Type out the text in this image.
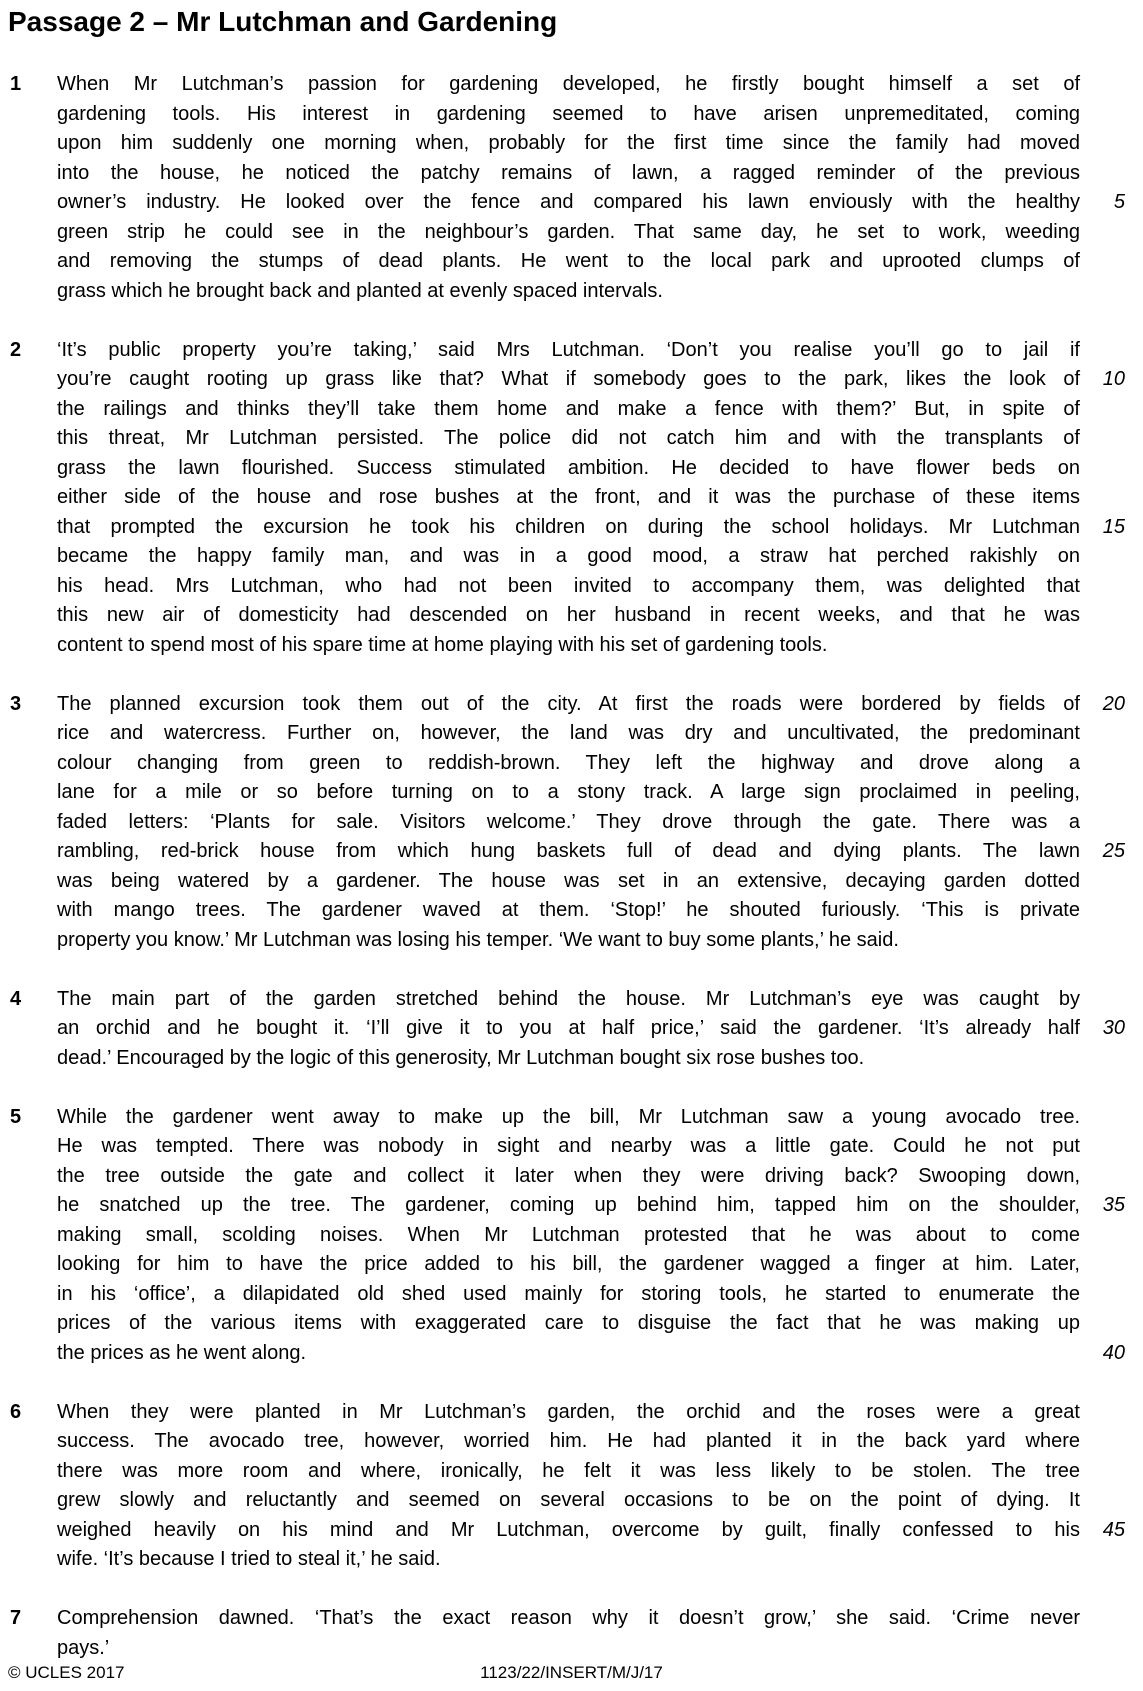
Passage 2 – Mr Lutchman and Gardening
1	When Mr Lutchman’s passion for gardening developed, he firstly bought himself a set of
gardening tools. His interest in gardening seemed to have arisen unpremeditated, coming
upon him suddenly one morning when, probably for the first time since the family had moved
into the house, he noticed the patchy remains of lawn, a ragged reminder of the previous
owner’s industry. He looked over the fence and compared his lawn enviously with the healthy 5
green strip he could see in the neighbour’s garden. That same day, he set to work, weeding
and removing the stumps of dead plants. He went to the local park and uprooted clumps of
grass which he brought back and planted at evenly spaced intervals.
2	‘It’s public property you’re taking,’ said Mrs Lutchman. ‘Don’t you realise you’ll go to jail if
you’re caught rooting up grass like that? What if somebody goes to the park, likes the look of 10
the railings and thinks they’ll take them home and make a fence with them?’ But, in spite of
this threat, Mr Lutchman persisted. The police did not catch him and with the transplants of
grass the lawn flourished. Success stimulated ambition. He decided to have flower beds on
either side of the house and rose bushes at the front, and it was the purchase of these items
that prompted the excursion he took his children on during the school holidays. Mr Lutchman 15
became the happy family man, and was in a good mood, a straw hat perched rakishly on
his head. Mrs Lutchman, who had not been invited to accompany them, was delighted that
this new air of domesticity had descended on her husband in recent weeks, and that he was
content to spend most of his spare time at home playing with his set of gardening tools.
3	The planned excursion took them out of the city. At first the roads were bordered by fields of 20
rice and watercress. Further on, however, the land was dry and uncultivated, the predominant
colour changing from green to reddish-brown. They left the highway and drove along a
lane for a mile or so before turning on to a stony track. A large sign proclaimed in peeling,
faded letters: ‘Plants for sale. Visitors welcome.’ They drove through the gate. There was a
rambling, red-brick house from which hung baskets full of dead and dying plants. The lawn 25
was being watered by a gardener. The house was set in an extensive, decaying garden dotted
with mango trees. The gardener waved at them. ‘Stop!’ he shouted furiously. ‘This is private
property you know.’ Mr Lutchman was losing his temper. ‘We want to buy some plants,’ he said.
4	The main part of the garden stretched behind the house. Mr Lutchman’s eye was caught by
an orchid and he bought it. ‘I’ll give it to you at half price,’ said the gardener. ‘It’s already half 30
dead.’ Encouraged by the logic of this generosity, Mr Lutchman bought six rose bushes too.
5	While the gardener went away to make up the bill, Mr Lutchman saw a young avocado tree.
He was tempted. There was nobody in sight and nearby was a little gate. Could he not put
the tree outside the gate and collect it later when they were driving back? Swooping down,
he snatched up the tree. The gardener, coming up behind him, tapped him on the shoulder, 35
making small, scolding noises. When Mr Lutchman protested that he was about to come
looking for him to have the price added to his bill, the gardener wagged a finger at him. Later,
in his ‘office’, a dilapidated old shed used mainly for storing tools, he started to enumerate the
prices of the various items with exaggerated care to disguise the fact that he was making up
the prices as he went along.	40
6	When they were planted in Mr Lutchman’s garden, the orchid and the roses were a great
success. The avocado tree, however, worried him. He had planted it in the back yard where
there was more room and where, ironically, he felt it was less likely to be stolen. The tree
grew slowly and reluctantly and seemed on several occasions to be on the point of dying. It
weighed heavily on his mind and Mr Lutchman, overcome by guilt, finally confessed to his 45
wife. ‘It’s because I tried to steal it,’ he said.
7	Comprehension dawned. ‘That’s the exact reason why it doesn’t grow,’ she said. ‘Crime never
pays.’
© UCLES 2017	1123/22/INSERT/M/J/17
